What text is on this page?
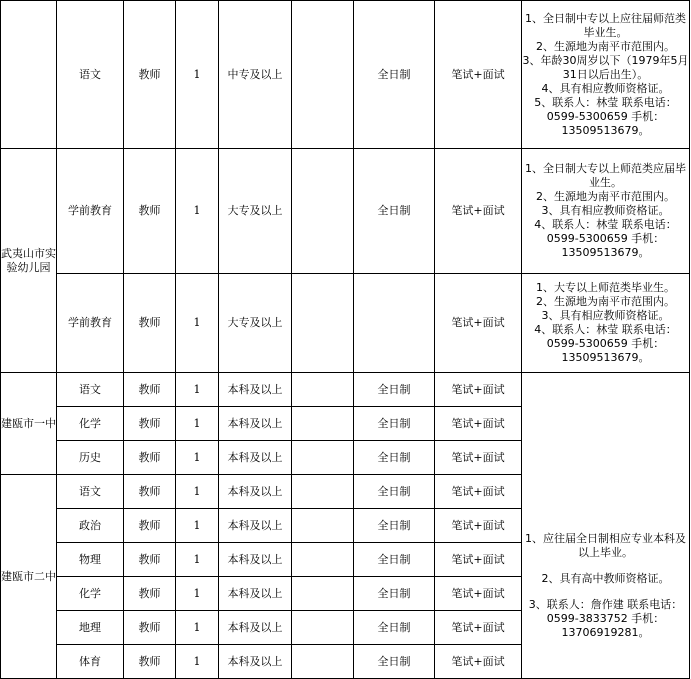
	语文	教师	1	中专及以上		全日制	笔试+面试	1、全日制中专以上应往届师范类毕业生。

2、生源地为南平市范围内。

3、年龄30周岁以下（1979年5月31日以后出生）。

4、具有相应教师资格证。

5、联系人：林莹 联系电话：0599-5300659 手机：13509513679。

武夷山市实验幼儿园	学前教育	教师	1	大专及以上		全日制	笔试+面试	1、全日制大专以上师范类应届毕业生。

2、生源地为南平市范围内。

3、具有相应教师资格证。

4、联系人：林莹 联系电话：0599-5300659 手机：13509513679。

	学前教育	教师	1	大专及以上			笔试+面试	1、大专以上师范类毕业生。

2、生源地为南平市范围内。

3、具有相应教师资格证。

4、联系人：林莹 联系电话：0599-5300659 手机：13509513679。

建瓯市一中	语文	教师	1	本科及以上		全日制	笔试+面试	1、应往届全日制相应专业本科及以上毕业。

2、具有高中教师资格证。

3、联系人：詹作建 联系电话：0599-3833752 手机：13706919281。

	化学	教师	1	本科及以上		全日制	笔试+面试	
	历史	教师	1	本科及以上		全日制	笔试+面试	
建瓯市二中	语文	教师	1	本科及以上		全日制	笔试+面试	
	政治	教师	1	本科及以上		全日制	笔试+面试	
	物理	教师	1	本科及以上		全日制	笔试+面试	
	化学	教师	1	本科及以上		全日制	笔试+面试	
	地理	教师	1	本科及以上		全日制	笔试+面试	
	体育	教师	1	本科及以上		全日制	笔试+面试	
